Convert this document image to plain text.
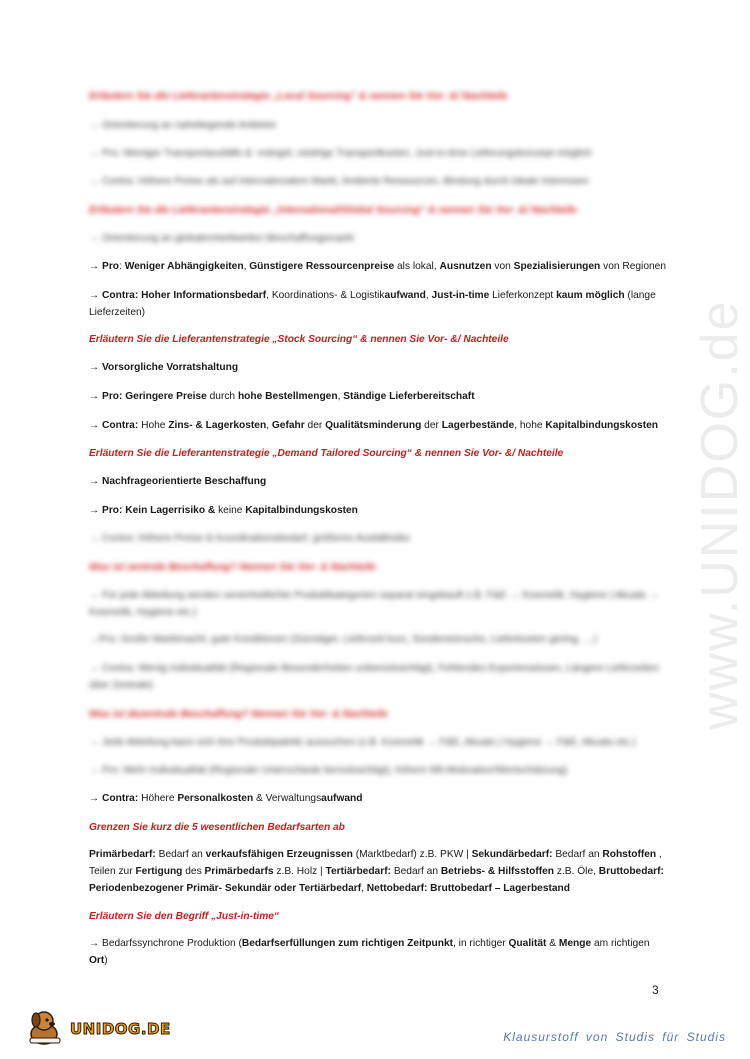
www.UNIDOG.de
Erläutern Sie die Lieferantenstrategie „Local Sourcing“ & nennen Sie Vor- &/ Nachteile
→ Orientierung an naheliegende Anbieter
→ Pro: Weniger Transportausfälle & -mängel, niedrige Transportkosten, Just-in-time Lieferungskonzept möglich
→ Contra: Höhere Preise als auf internationalem Markt, limitierte Ressourcen, Bindung durch lokale Interessen
Erläutern Sie die Lieferantenstrategie „International/Global Sourcing“ & nennen Sie Vor- &/ Nachteile
→ Orientierung an globalen/weltweiten Beschaffungsmarkt
→ Pro: Weniger Abhängigkeiten, Günstigere Ressourcenpreise als lokal, Ausnutzen von Spezialisierungen von Regionen
→ Contra: Hoher Informationsbedarf, Koordinations- & Logistikaufwand, Just-in-time Lieferkonzept kaum möglich (lange Lieferzeiten)
Erläutern Sie die Lieferantenstrategie „Stock Sourcing“ & nennen Sie Vor- &/ Nachteile
→ Vorsorgliche Vorratshaltung
→ Pro: Geringere Preise durch hohe Bestellmengen, Ständige Lieferbereitschaft
→ Contra: Hohe Zins- & Lagerkosten, Gefahr der Qualitätsminderung der Lagerbestände, hohe Kapitalbindungskosten
Erläutern Sie die Lieferantenstrategie „Demand Tailored Sourcing“ & nennen Sie Vor- &/ Nachteile
→ Nachfrageorientierte Beschaffung
→ Pro: Kein Lagerrisiko & keine Kapitalbindungskosten
→ Contra: Höhere Preise & Koordinationsbedarf, größeres Ausfallrisiko
Was ist zentrale Beschaffung? Nennen Sie Vor- & Nachteile
→ Für jede Abteilung werden vereinheitlichte Produktkategorien separat eingekauft z.B. F&E → Kosmetik, Hygiene | Akuats → Kosmetik, Hygiene etc.)
→Pro: Große Marktmacht, gute Konditionen (Günstiger, Lieferzeit kurz, Sonderwünsche, Lieferkosten gering, …)
→ Contra: Wenig Individualität (Regionale Besonderheiten unberücksichtigt), Fehlendes Expertenwissen, Längere Lieferzeiten über Zentrale)
Was ist dezentrale Beschaffung? Nennen Sie Vor- & Nachteile
→ Jede Abteilung kann sich ihre Produktpalette aussuchen (z.B. Kosmetik → F&E, Akuats | Hygiene → F&E, Akuats etc.)
→ Pro: Mehr Individualität (Regionale Unterschiede berücksichtigt), höhere Mit-Motivation/Wertschätzung)
→ Contra: Höhere Personalkosten & Verwaltungsaufwand
Grenzen Sie kurz die 5 wesentlichen Bedarfsarten ab
Primärbedarf: Bedarf an verkaufsfähigen Erzeugnissen (Marktbedarf) z.B. PKW | Sekundärbedarf: Bedarf an Rohstoffen , Teilen zur Fertigung des Primärbedarfs z.B. Holz | Tertiärbedarf: Bedarf an Betriebs- & Hilfsstoffen z.B. Öle, Bruttobedarf: Periodenbezogener Primär- Sekundär oder Tertiärbedarf, Nettobedarf: Bruttobedarf – Lagerbestand
Erläutern Sie den Begriff „Just-in-time“
→ Bedarfssynchrone Produktion (Bedarfserfüllungen zum richtigen Zeitpunkt, in richtiger Qualität & Menge am richtigen Ort)
3
UNIDOG.DE	Klausurstoff von Studis für Studis
